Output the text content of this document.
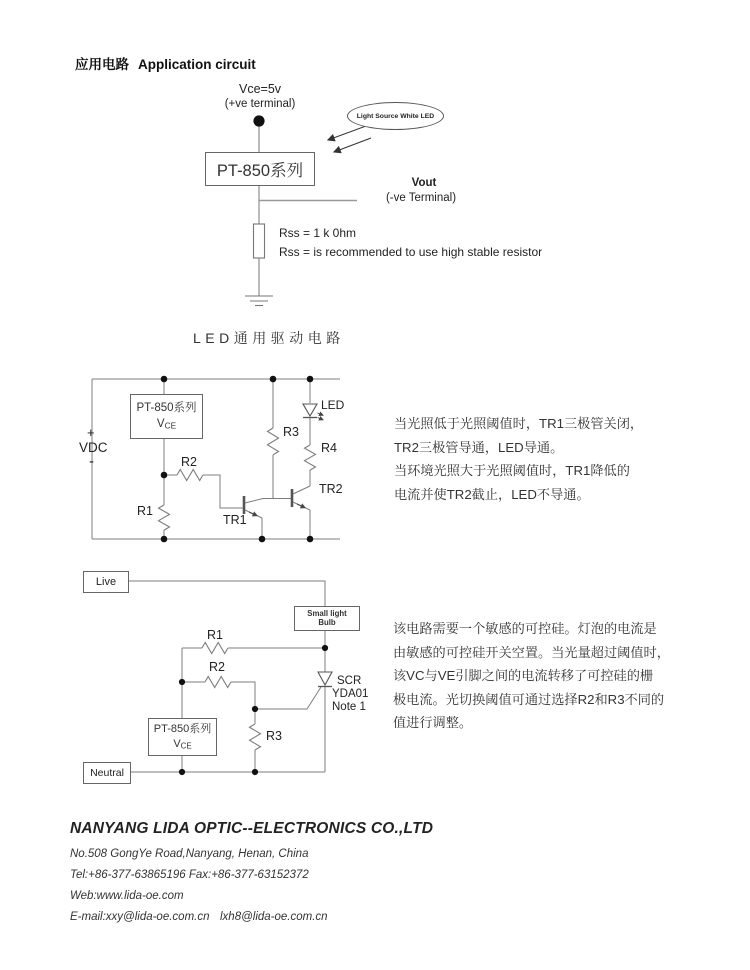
应用电路 Application circuit
Vce=5v
(+ve terminal)
Light Source White LED
PT-850系列
Vout
(-ve Terminal)
Rss = 1 k 0hm
Rss = is recommended to use high stable resistor
LED通用驱动电路
PT-850系列
VCE
+
VDC
-
R1
R2
R3
R4
TR1
TR2
LED
当光照低于光照阈值时，TR1三极管关闭，
TR2三极管导通，LED导通。
当环境光照大于光照阈值时，TR1降低的
电流并使TR2截止，LED不导通。
Live
Small light
Bulb
R1
R2
R3
SCR
YDA01
Note 1
PT-850系列
VCE
Neutral
该电路需要一个敏感的可控硅。灯泡的电流是
由敏感的可控硅开关空置。当光量超过阈值时，
该VC与VE引脚之间的电流转移了可控硅的栅
极电流。光切换阈值可通过选择R2和R3不同的
值进行调整。
NANYANG LIDA OPTIC--ELECTRONICS CO.,LTD
No.508 GongYe Road,Nanyang, Henan, China
Tel:+86-377-63865196 Fax:+86-377-63152372
Web:www.lida-oe.com
E-mail:xxy@lida-oe.com.cn lxh8@lida-oe.com.cn
